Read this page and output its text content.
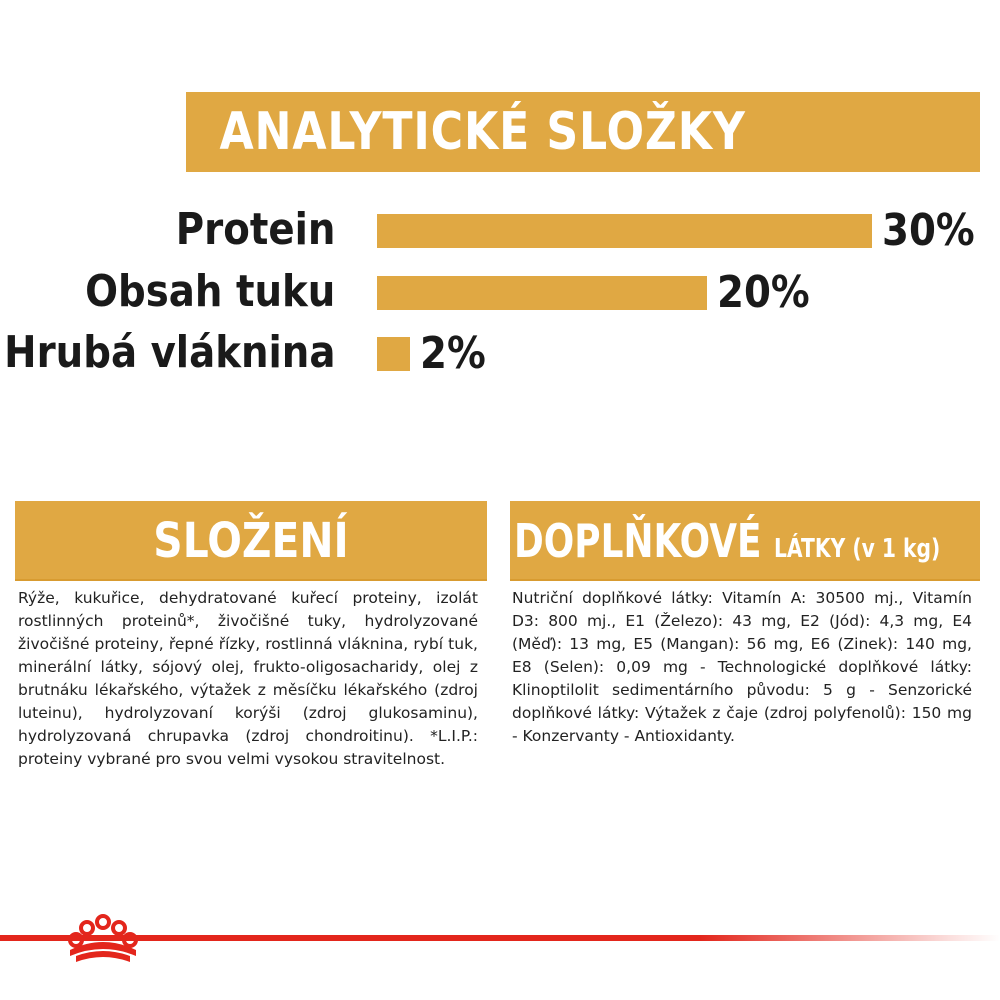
ANALYTICKÉ SLOŽKY
Protein	30%
Obsah tuku	20%
Hrubá vláknina 2%
SLOŽENÍ	DOPLŇKOVÉ LÁTKY (v 1 kg)
Rýže, kukuřice, dehydratované kuřecí proteiny, izolát rostlinných proteinů*, živočišné tuky, hydrolyzované živočišné proteiny, řepné řízky, rostlinná vláknina, rybí tuk, minerální látky, sójový olej, frukto-oligosacharidy, olej z brutnáku lékařského, výtažek z měsíčku lékařského (zdroj luteinu), hydrolyzovaní korýši (zdroj glukosaminu), hydrolyzovaná chrupavka (zdroj chondroitinu). *L.I.P.: proteiny vybrané pro svou velmi vysokou stravitelnost.
Nutriční doplňkové látky: Vitamín A: 30500 mj., Vitamín D3: 800 mj., E1 (Železo): 43 mg, E2 (Jód): 4,3 mg, E4 (Měď): 13 mg, E5 (Mangan): 56 mg, E6 (Zinek): 140 mg, E8 (Selen): 0,09 mg - Technologické doplňkové látky: Klinoptilolit sedimentárního původu: 5 g - Senzorické doplňkové látky: Výtažek z čaje (zdroj polyfenolů): 150 mg - Konzervanty - Antioxidanty.
